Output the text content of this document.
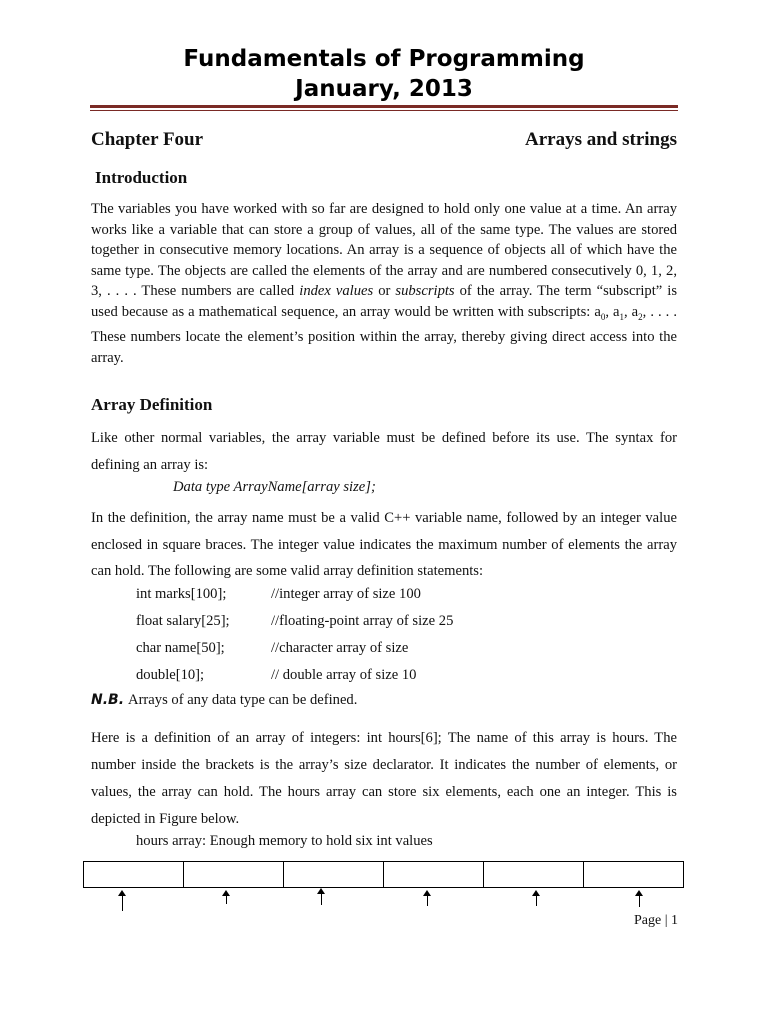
Fundamentals of Programming
January, 2013
Chapter Four	Arrays and strings
Introduction

The variables you have worked with so far are designed to hold only one value at a time. An array works like a variable that can store a group of values, all of the same type. The values are stored together in consecutive memory locations. An array is a sequence of objects all of which have the same type. The objects are called the elements of the array and are numbered consecutively 0, 1, 2, 3, . . . . These numbers are called index values or subscripts of the array. The term “subscript” is used because as a mathematical sequence, an array would be written with subscripts: $a_0$, $a_1$, $a_2$, . . . . These numbers locate the element’s position within the array, thereby giving direct access into the array.

Array Definition

Like other normal variables, the array variable must be defined before its use. The syntax for defining an array is:

Data type ArrayName[array size];

In the definition, the array name must be a valid C++ variable name, followed by an integer value enclosed in square braces. The integer value indicates the maximum number of elements the array can hold. The following are some valid array definition statements:

int marks[100];	//integer array of size 100
float salary[25];	//floating-point array of size 25
char name[50];	//character array of size
double[10];	// double array of size 10
N.B. Arrays of any data type can be defined.

Here is a definition of an array of integers: int hours[6]; The name of this array is hours. The number inside the brackets is the array’s size declarator. It indicates the number of elements, or values, the array can hold. The hours array can store six elements, each one an integer. This is depicted in Figure below.

hours array: Enough memory to hold six int values
Page | 1
